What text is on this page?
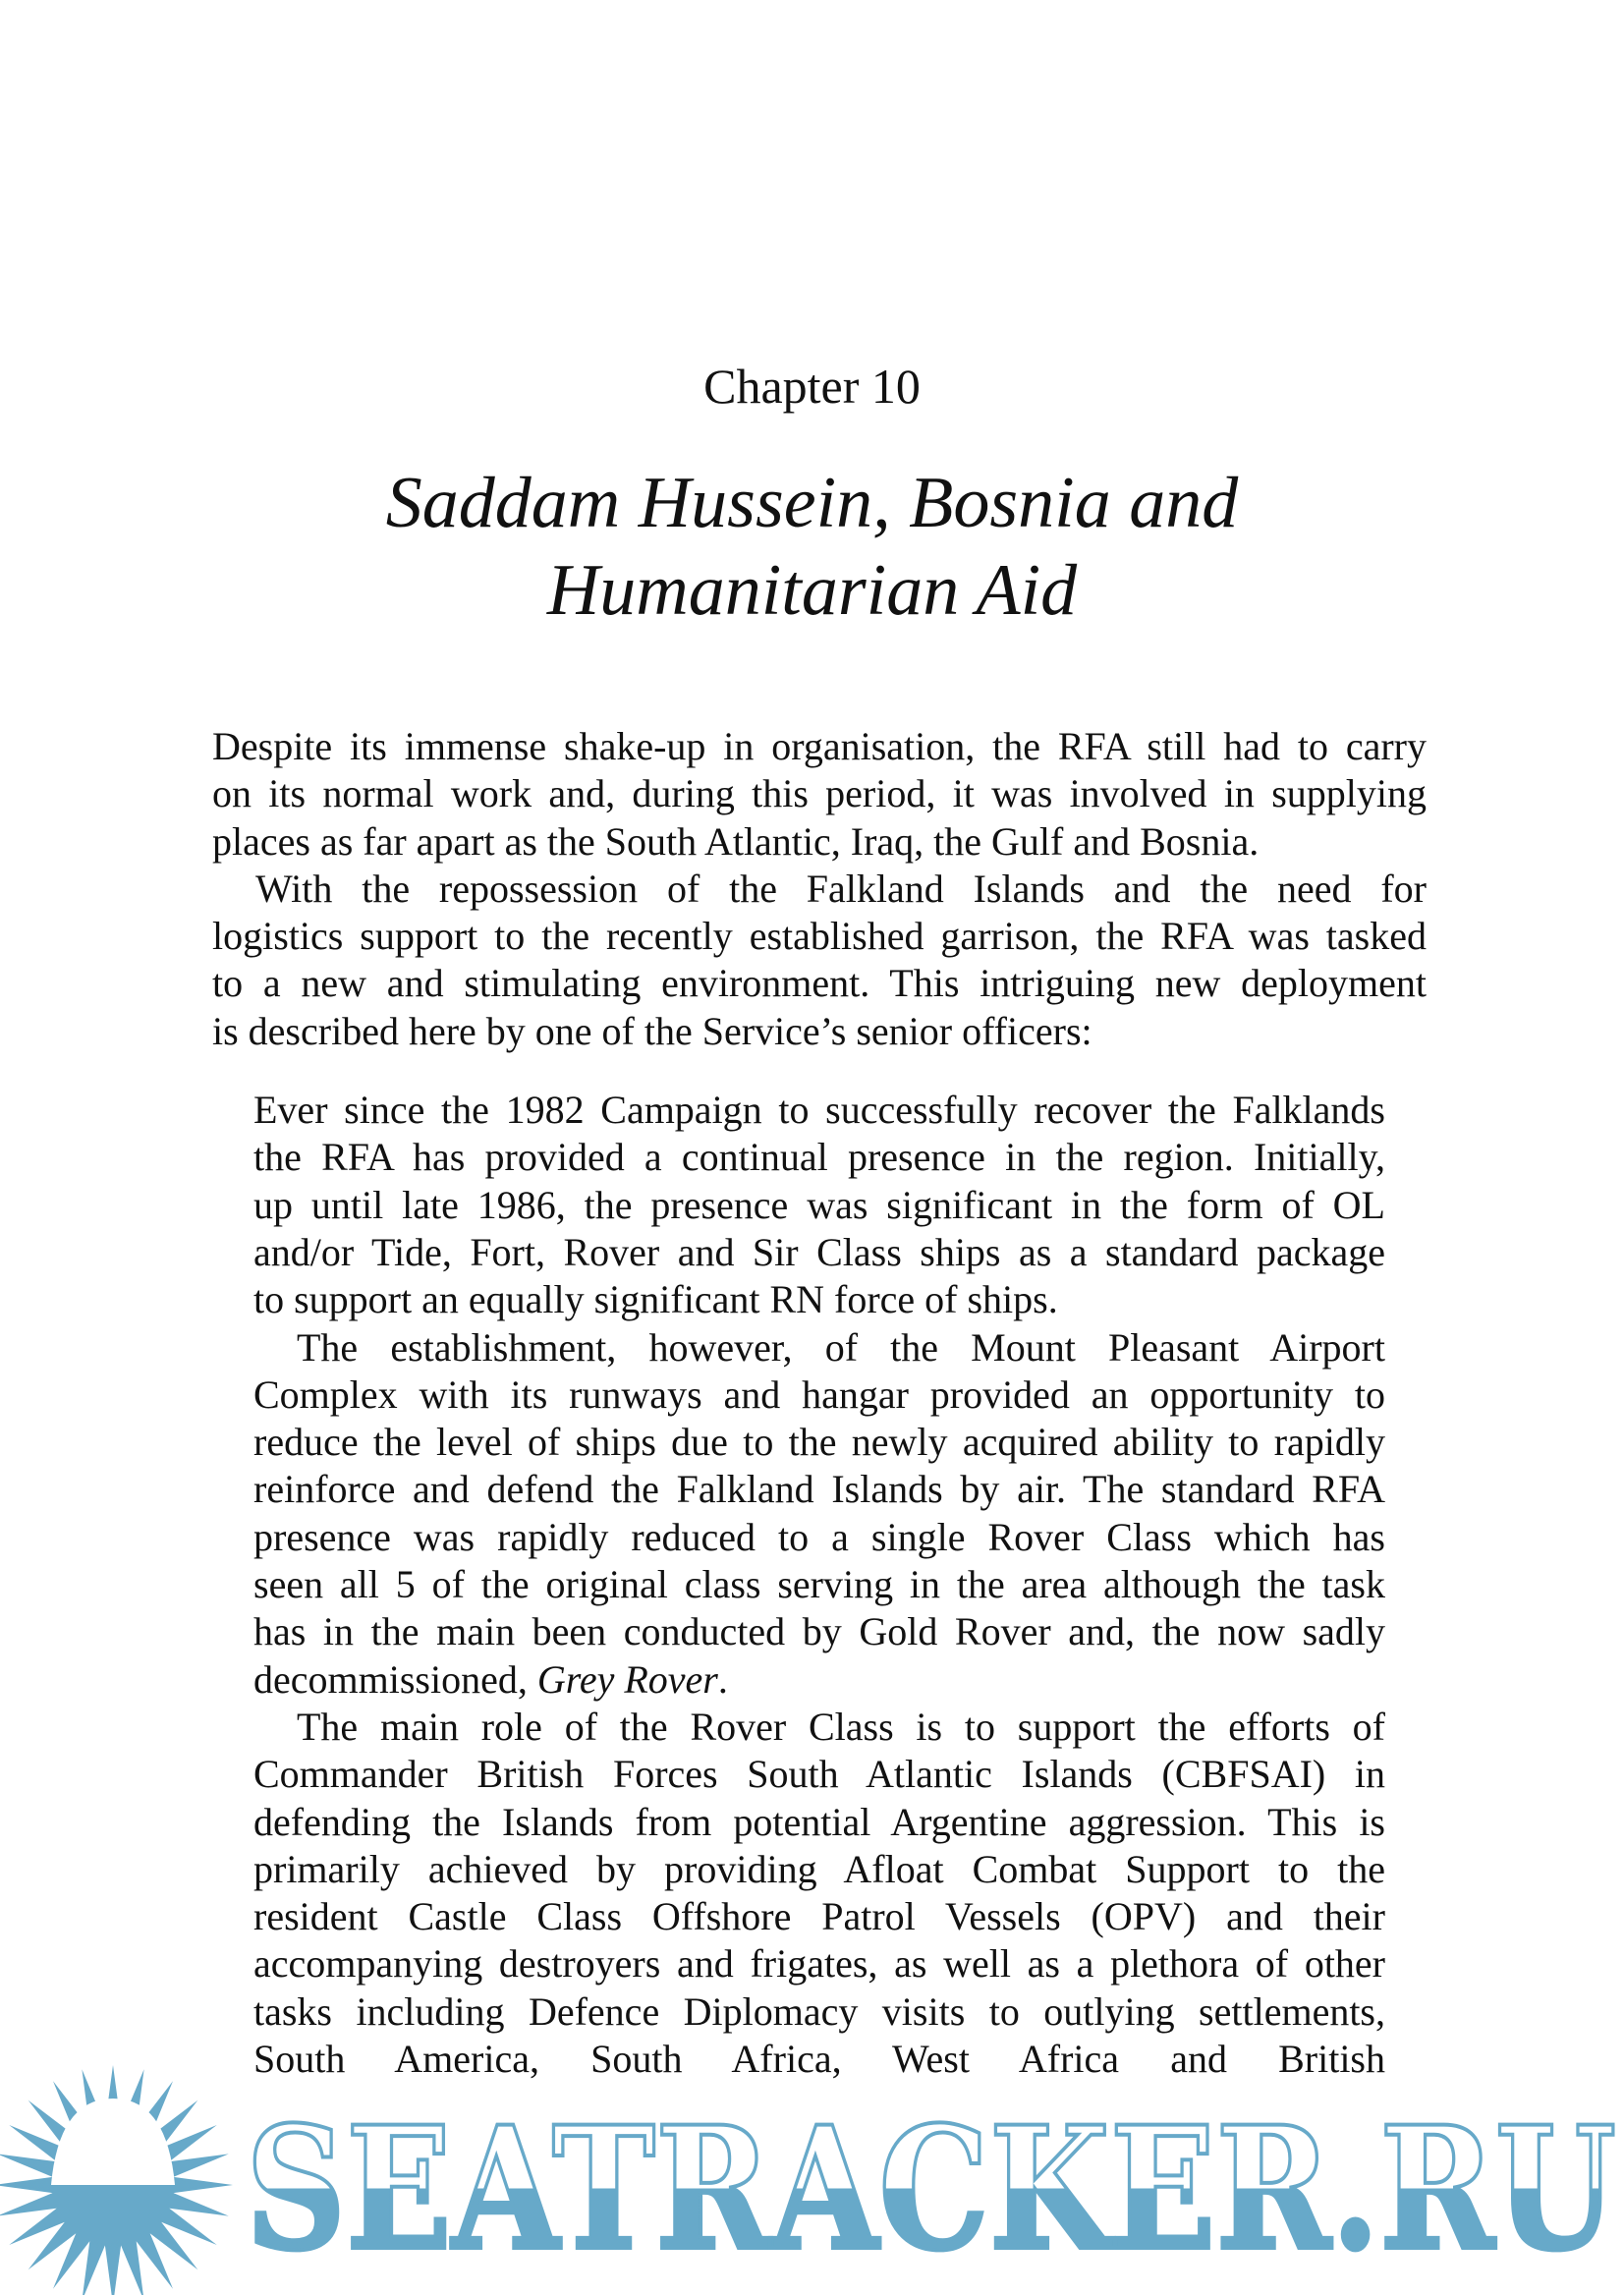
Chapter 10
Saddam Hussein, Bosnia and
Humanitarian Aid
Despite its immense shake-up in organisation, the RFA still had to carry
on its normal work and, during this period, it was involved in supplying
places as far apart as the South Atlantic, Iraq, the Gulf and Bosnia.
With the repossession of the Falkland Islands and the need for
logistics support to the recently established garrison, the RFA was tasked
to a new and stimulating environment. This intriguing new deployment
is described here by one of the Service’s senior officers:
Ever since the 1982 Campaign to successfully recover the Falklands
the RFA has provided a continual presence in the region. Initially,
up until late 1986, the presence was significant in the form of OL
and/or Tide, Fort, Rover and Sir Class ships as a standard package
to support an equally significant RN force of ships.
The establishment, however, of the Mount Pleasant Airport
Complex with its runways and hangar provided an opportunity to
reduce the level of ships due to the newly acquired ability to rapidly
reinforce and defend the Falkland Islands by air. The standard RFA
presence was rapidly reduced to a single Rover Class which has
seen all 5 of the original class serving in the area although the task
has in the main been conducted by Gold Rover and, the now sadly
decommissioned, Grey Rover.
The main role of the Rover Class is to support the efforts of
Commander British Forces South Atlantic Islands (CBFSAI) in
defending the Islands from potential Argentine aggression. This is
primarily achieved by providing Afloat Combat Support to the
resident Castle Class Offshore Patrol Vessels (OPV) and their
accompanying destroyers and frigates, as well as a plethora of other
tasks including Defence Diplomacy visits to outlying settlements,
South America, South Africa, West Africa and British
SEATRACKER.RU
